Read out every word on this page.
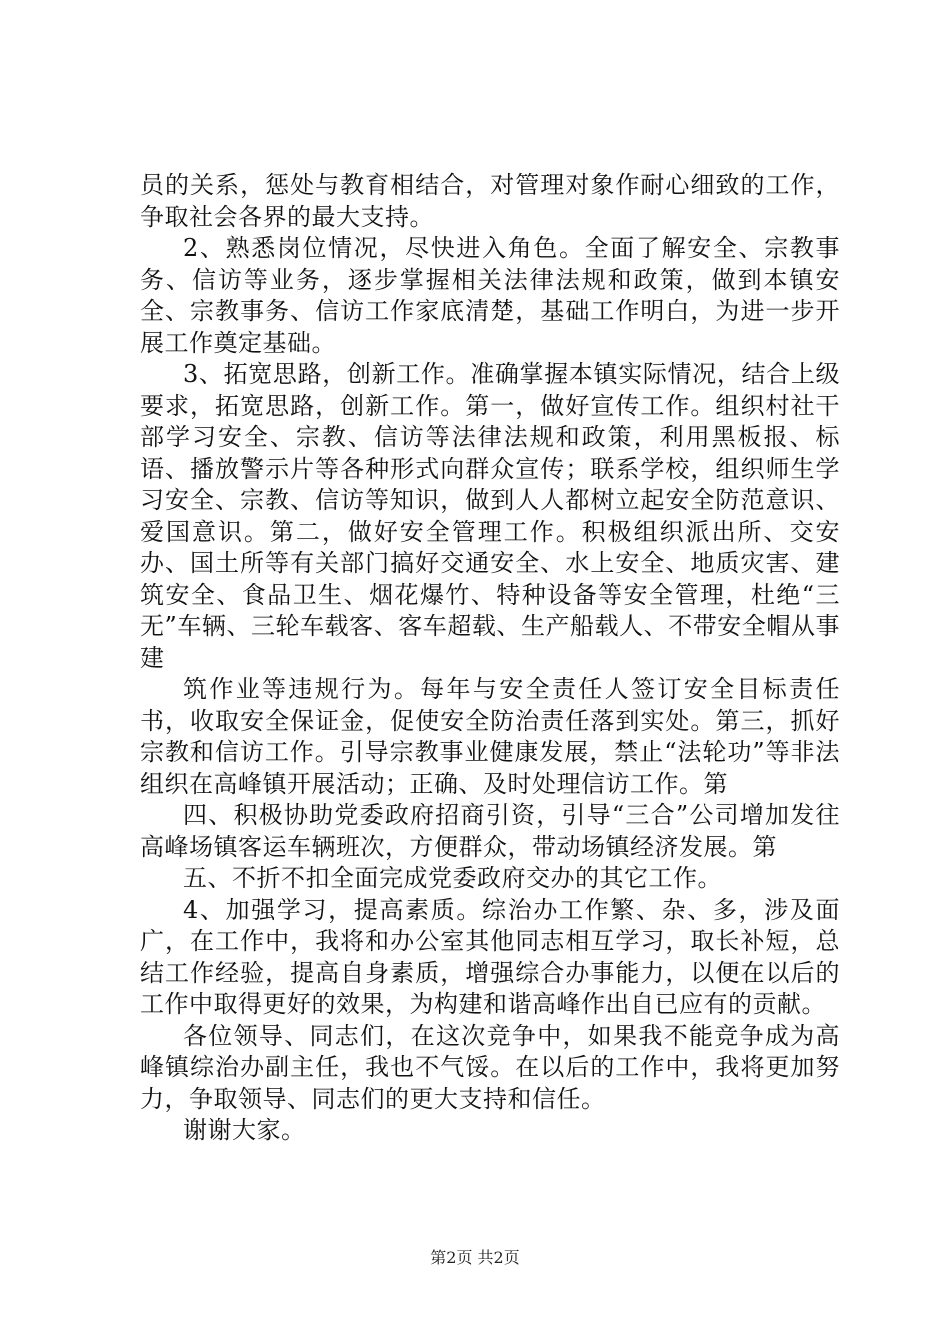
员的关系，惩处与教育相结合，对管理对象作耐心细致的工作，争取社会各界的最大支持。

2、熟悉岗位情况，尽快进入角色。全面了解安全、宗教事务、信访等业务，逐步掌握相关法律法规和政策，做到本镇安全、宗教事务、信访工作家底清楚，基础工作明白，为进一步开展工作奠定基础。

3、拓宽思路，创新工作。准确掌握本镇实际情况，结合上级要求，拓宽思路，创新工作。第一，做好宣传工作。组织村社干部学习安全、宗教、信访等法律法规和政策，利用黑板报、标语、播放警示片等各种形式向群众宣传；联系学校，组织师生学习安全、宗教、信访等知识，做到人人都树立起安全防范意识、爱国意识。第二，做好安全管理工作。积极组织派出所、交安办、国土所等有关部门搞好交通安全、水上安全、地质灾害、建筑安全、食品卫生、烟花爆竹、特种设备等安全管理，杜绝“三无”车辆、三轮车载客、客车超载、生产船载人、不带安全帽从事建

筑作业等违规行为。每年与安全责任人签订安全目标责任书，收取安全保证金，促使安全防治责任落到实处。第三，抓好宗教和信访工作。引导宗教事业健康发展，禁止“法轮功”等非法组织在高峰镇开展活动；正确、及时处理信访工作。第

四、积极协助党委政府招商引资，引导“三合”公司增加发往高峰场镇客运车辆班次，方便群众，带动场镇经济发展。第

五、不折不扣全面完成党委政府交办的其它工作。

4、加强学习，提高素质。综治办工作繁、杂、多，涉及面广，在工作中，我将和办公室其他同志相互学习，取长补短，总结工作经验，提高自身素质，增强综合办事能力，以便在以后的工作中取得更好的效果，为构建和谐高峰作出自已应有的贡献。

各位领导、同志们，在这次竞争中，如果我不能竞争成为高峰镇综治办副主任，我也不气馁。在以后的工作中，我将更加努力，争取领导、同志们的更大支持和信任。

谢谢大家。

第2页 共2页
